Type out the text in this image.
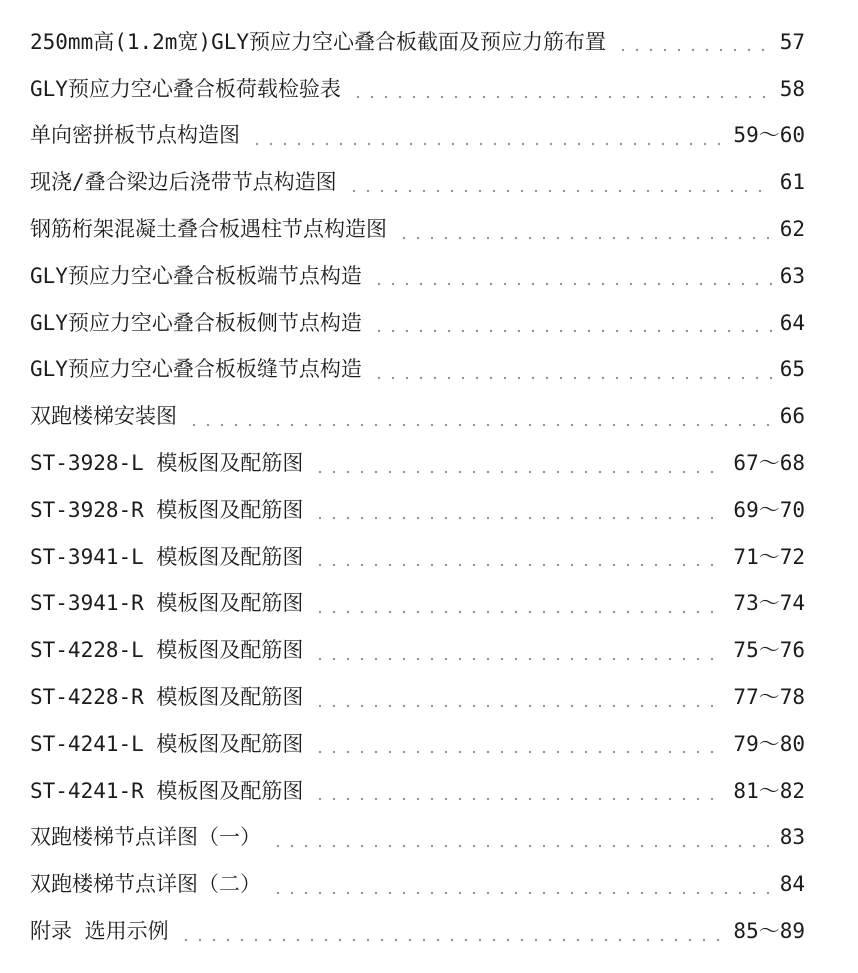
250mm高(1.2m宽)GLY预应力空心叠合板截面及预应力筋布置	57
GLY预应力空心叠合板荷载检验表	58
单向密拼板节点构造图	59～60
现浇/叠合梁边后浇带节点构造图	61
钢筋桁架混凝土叠合板遇柱节点构造图	62
GLY预应力空心叠合板板端节点构造	63
GLY预应力空心叠合板板侧节点构造	64
GLY预应力空心叠合板板缝节点构造	65
双跑楼梯安装图	66
ST-3928-L 模板图及配筋图	67～68
ST-3928-R 模板图及配筋图	69～70
ST-3941-L 模板图及配筋图	71～72
ST-3941-R 模板图及配筋图	73～74
ST-4228-L 模板图及配筋图	75～76
ST-4228-R 模板图及配筋图	77～78
ST-4241-L 模板图及配筋图	79～80
ST-4241-R 模板图及配筋图	81～82
双跑楼梯节点详图（一）	83
双跑楼梯节点详图（二）	84
附录 选用示例	85～89
